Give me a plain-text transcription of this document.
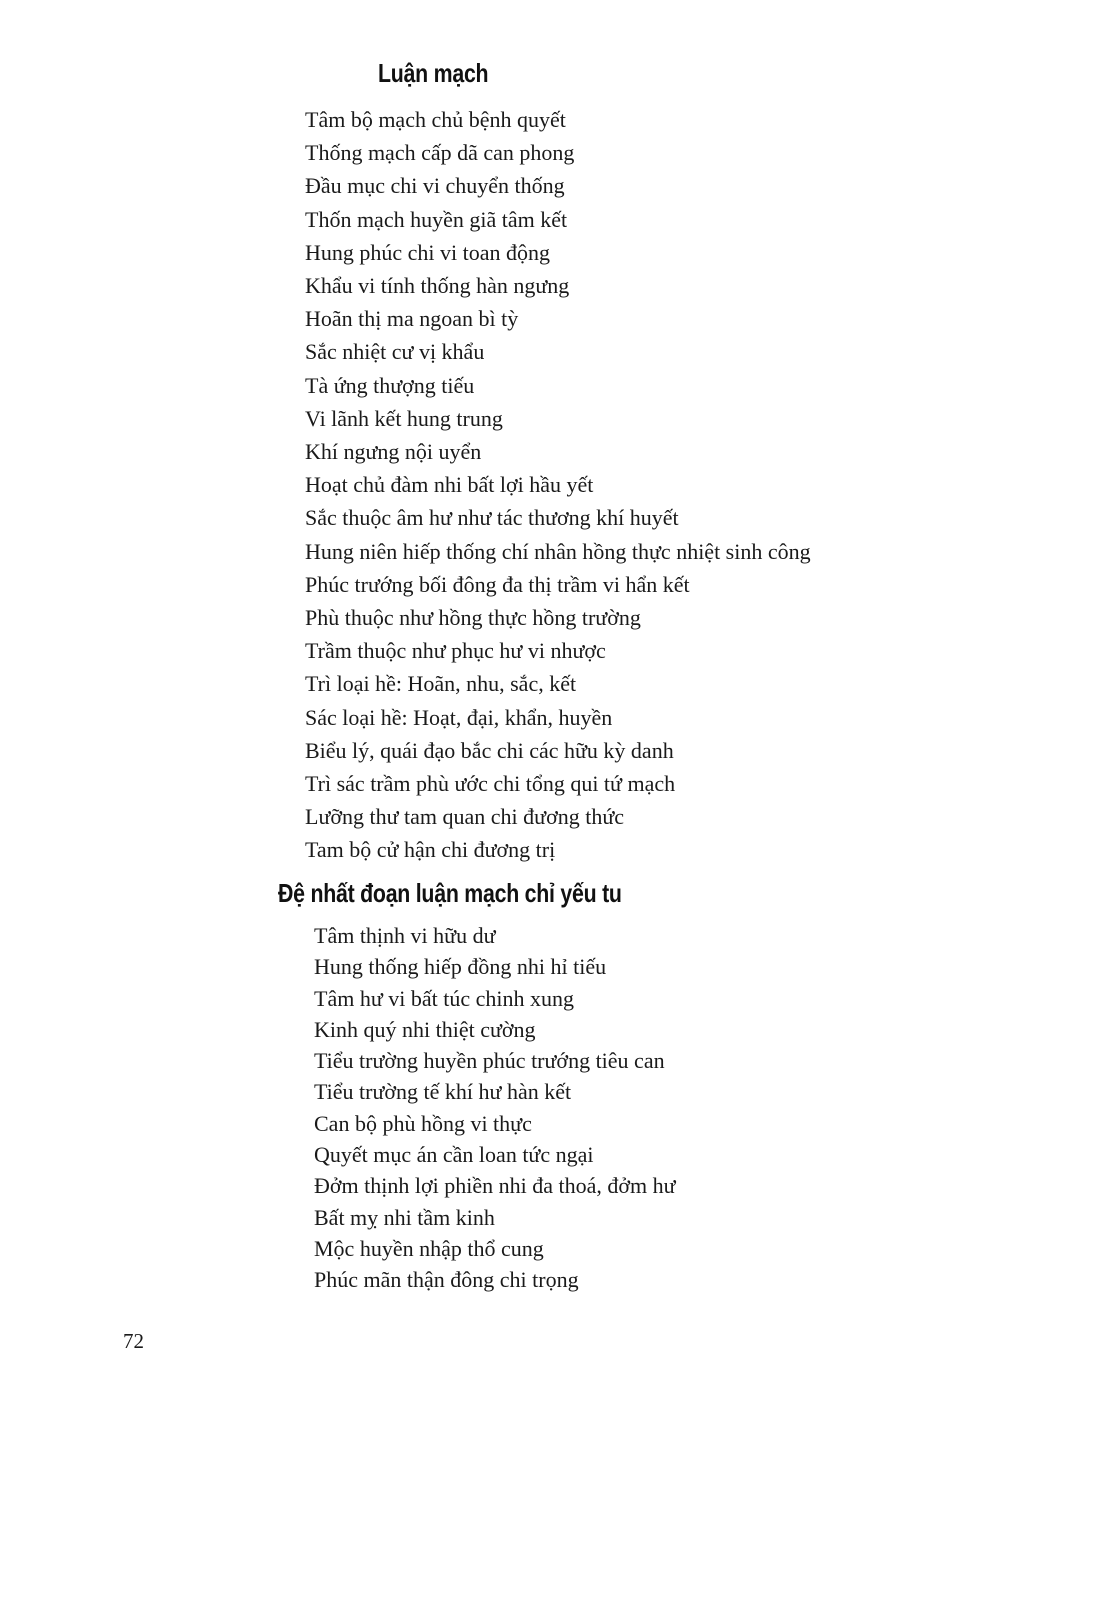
Luận mạch
Tâm bộ mạch chủ bệnh quyết
Thống mạch cấp dã can phong
Đầu mục chi vi chuyển thống
Thốn mạch huyền giã tâm kết
Hung phúc chi vi toan động
Khẩu vi tính thống hàn ngưng
Hoãn thị ma ngoan bì tỳ
Sắc nhiệt cư vị khẩu
Tà ứng thượng tiếu
Vi lãnh kết hung trung
Khí ngưng nội uyển
Hoạt chủ đàm nhi bất lợi hầu yết
Sắc thuộc âm hư như tác thương khí huyết
Hung niên hiếp thống chí nhân hồng thực nhiệt sinh công
Phúc trướng bối đông đa thị trầm vi hẩn kết
Phù thuộc như hồng thực hồng trường
Trầm thuộc như phục hư vi nhược
Trì loại hề: Hoãn, nhu, sắc, kết
Sác loại hề: Hoạt, đại, khẩn, huyền
Biểu lý, quái đạo bắc chi các hữu kỳ danh
Trì sác trầm phù ước chi tổng qui tứ mạch
Lưỡng thư tam quan chi đương thức
Tam bộ cử hận chi đương trị
Đệ nhất đoạn luận mạch chỉ yếu tu
Tâm thịnh vi hữu dư
Hung thống hiếp đồng nhi hỉ tiếu
Tâm hư vi bất túc chinh xung
Kinh quý nhi thiệt cường
Tiểu trường huyền phúc trướng tiêu can
Tiểu trường tế khí hư hàn kết
Can bộ phù hồng vi thực
Quyết mục án cần loan tức ngại
Đởm thịnh lợi phiền nhi đa thoá, đởm hư
Bất mỵ nhi tầm kinh
Mộc huyền nhập thổ cung
Phúc mãn thận đông chi trọng
72
